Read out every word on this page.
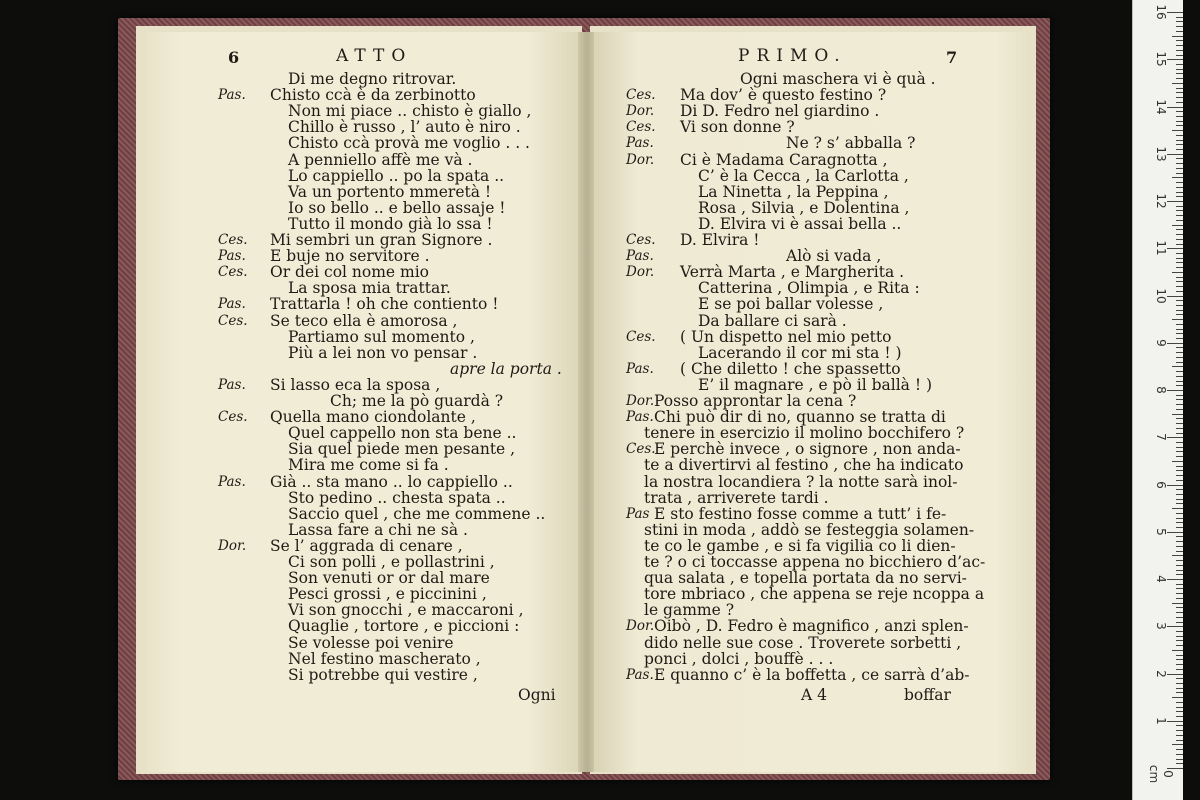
6	ATTO
Ogni
Di me degno ritrovar.
Pas. Chisto ccà è da zerbinotto
Non mi piace .. chisto è giallo ,
Chillo è russo , l’ auto è niro .
Chisto ccà provà me voglio . . .
A penniello affè me và .
Lo cappiello .. po la spata ..
Va un portento mmeretà !
Io so bello .. e bello assaje !
Tutto il mondo già lo ssa !
Ces. Mi sembri un gran Signore .
Pas. E buje no servitore .
Ces. Or dei col nome mio
La sposa mia trattar.
Pas. Trattarla ! oh che contiento !
Ces. Se teco ella è amorosa ,
Partiamo sul momento ,
Più a lei non vo pensar .
apre la porta .
Pas. Si lasso eca la sposa ,
Ch; me la pò guardà ?
Ces. Quella mano ciondolante ,
Quel cappello non sta bene ..
Sia quel piede men pesante ,
Mira me come si fa .
Pas. Già .. sta mano .. lo cappiello ..
Sto pedino .. chesta spata ..
Saccio quel , che me commene ..
Lassa fare a chi ne sà .
Dor. Se l’ aggrada di cenare ,
Ci son polli , e pollastrini ,
Son venuti or or dal mare
Pesci grossi , e piccinini ,
Vi son gnocchi , e maccaroni ,
Quaglie , tortore , e piccioni :
Se volesse poi venire
Nel festino mascherato ,
Si potrebbe qui vestire ,
PRIMO.	7
A 4	boffar
Ogni maschera vi è quà .
Ces. Ma dov’ è questo festino ?
Dor. Di D. Fedro nel giardino .
Ces. Vi son donne ?
Pas.	Ne ? s’ abballa ?
Dor. Ci è Madama Caragnotta ,
C’ è la Cecca , la Carlotta ,
La Ninetta , la Peppina ,
Rosa , Silvia , e Dolentina ,
D. Elvira vi è assai bella ..
Ces. D. Elvira !
Pas.	Alò si vada ,
Dor. Verrà Marta , e Margherita .
Catterina , Olimpia , e Rita :
E se poi ballar volesse ,
Da ballare ci sarà .
Ces. ( Un dispetto nel mio petto
Lacerando il cor mi sta ! )
Pas. ( Che diletto ! che spassetto
E’ il magnare , e pò il ballà ! )
Dor. Posso approntar la cena ?
Pas. Chi può dir di no, quanno se tratta di
tenere in esercizio il molino bocchifero ?
Ces.
E perchè invece , o signore , non anda-
te a divertirvi al festino , che ha indicato
la nostra locandiera ? la notte sarà inol-
trata , arriverete tardi .
Pas E sto festino fosse comme a tutt’ i fe-
stini in moda , addò se festeggia solamen-
te co le gambe , e si fa vigilia co li dien-
te ? o ci toccasse appena no bicchiero d’ac-
qua salata , e topella portata da no servi-
tore mbriaco , che appena se reje ncoppa a
le gamme ?
Dor. Oibò , D. Fedro è magnifico , anzi splen-
dido nelle sue cose . Troverete sorbetti ,
ponci , dolci , bouffè . . .
Pas. E quanno c’ è la boffetta , ce sarrà d’ab-
0 cm
1
2
3
4
5
6
7
8
9
10
11
12
13
14
15
16
